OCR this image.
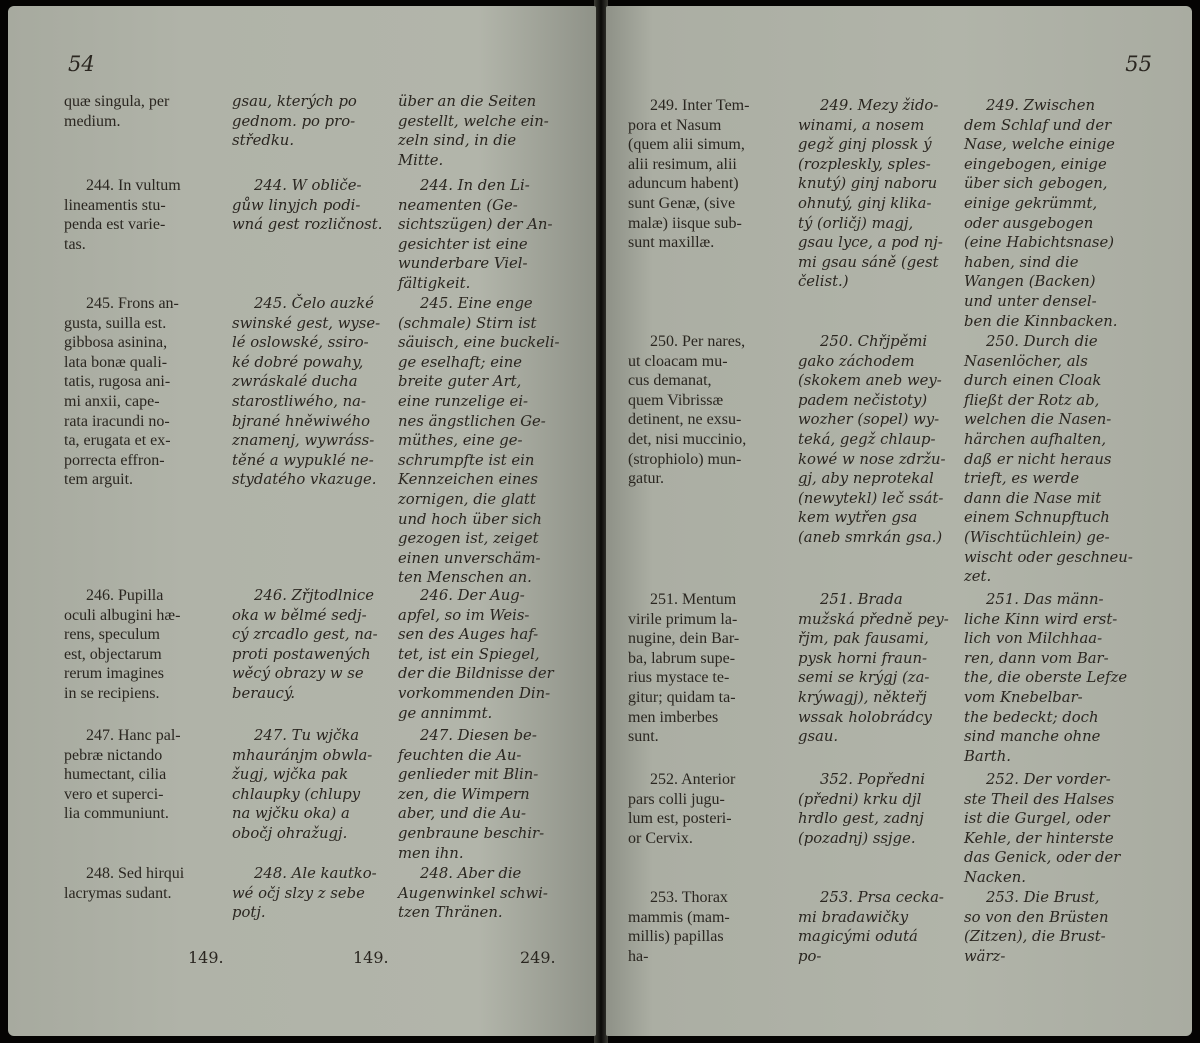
54

quæ singula, per
medium.

244. In vultum
lineamentis stu-
penda est varie-
tas.

245. Frons an-
gusta, suilla est.
gibbosa asinina,
lata bonæ quali-
tatis, rugosa ani-
mi anxii, cape-
rata iracundi no-
ta, erugata et ex-
porrecta effron-
tem arguit.

246. Pupilla
oculi albugini hæ-
rens, speculum
est, objectarum
rerum imagines
in se recipiens.

247. Hanc pal-
pebræ nictando
humectant, cilia
vero et superci-
lia communiunt.

248. Sed hirqui
lacrymas sudant.

gsau, kterých po
gednom. po pro-
středku.

244. W obliče-
gůw linyjch podi-
wná gest rozličnost.

245. Čelo auzké
swinské gest, wyse-
lé oslowské, ssiro-
ké dobré powahy,
zwráskalé ducha
starostliwého, na-
bjrané hněwiwého
znamenj, wywráss-
těné a wypuklé ne-
stydatého vkazuge.

246. Zřjtodlnice
oka w bělmé sedj-
cý zrcadlo gest, na-
proti postawených
wěcý obrazy w se
beraucý.

247. Tu wjčka
mhauránjm obwla-
žugj, wjčka pak
chlaupky (chlupy
na wjčku oka) a
obočj ohražugj.

248. Ale kautko-
wé očj slzy z sebe
potj.

über an die Seiten
gestellt, welche ein-
zeln sind, in die
Mitte.

244. In den Li-
neamenten (Ge-
sichtszügen) der An-
gesichter ist eine
wunderbare Viel-
fältigkeit.

245. Eine enge
(schmale) Stirn ist
säuisch, eine buckeli-
ge eselhaft; eine
breite guter Art,
eine runzelige ei-
nes ängstlichen Ge-
müthes, eine ge-
schrumpfte ist ein
Kennzeichen eines
zornigen, die glatt
und hoch über sich
gezogen ist, zeiget
einen unverschäm-
ten Menschen an.

246. Der Aug-
apfel, so im Weis-
sen des Auges haf-
tet, ist ein Spiegel,
der die Bildnisse der
vorkommenden Din-
ge annimmt.

247. Diesen be-
feuchten die Au-
genlieder mit Blin-
zen, die Wimpern
aber, und die Au-
genbraune beschir-
men ihn.

248. Aber die
Augenwinkel schwi-
tzen Thränen.

149.	149.	249.
55

249. Inter Tem-
pora et Nasum
(quem alii simum,
alii resimum, alii
aduncum habent)
sunt Genæ, (sive
malæ) iisque sub-
sunt maxillæ.

250. Per nares,
ut cloacam mu-
cus demanat,
quem Vibrissæ
detinent, ne exsu-
det, nisi muccinio,
(strophiolo) mun-
gatur.

251. Mentum
virile primum la-
nugine, dein Bar-
ba, labrum supe-
rius mystace te-
gitur; quidam ta-
men imberbes
sunt.

252. Anterior
pars colli jugu-
lum est, posteri-
or Cervix.

253. Thorax
mammis (mam-
millis) papillas
ha-

249. Mezy žido-
winami, a nosem
gegž ginj plossk ý
(rozpleskly, sples-
knutý) ginj naboru
ohnutý, ginj klika-
tý (orličj) magj,
gsau lyce, a pod nj-
mi gsau sáně (gest
čelist.)

250. Chřjpěmi
gako záchodem
(skokem aneb wey-
padem nečistoty)
wozher (sopel) wy-
teká, gegž chlaup-
kowé w nose zdržu-
gj, aby neprotekal
(newytekl) leč ssát-
kem wytřen gsa
(aneb smrkán gsa.)

251. Brada
mužská předně pey-
řjm, pak fausami,
pysk horni fraun-
semi se krýgj (za-
krýwagj), někteřj
wssak holobrádcy
gsau.

352. Popředni
(předni) krku djl
hrdlo gest, zadnj
(pozadnj) ssjge.

253. Prsa cecka-
mi bradawičky
magicými odutá
po-

249. Zwischen
dem Schlaf und der
Nase, welche einige
eingebogen, einige
über sich gebogen,
einige gekrümmt,
oder ausgebogen
(eine Habichtsnase)
haben, sind die
Wangen (Backen)
und unter densel-
ben die Kinnbacken.

250. Durch die
Nasenlöcher, als
durch einen Cloak
fließt der Rotz ab,
welchen die Nasen-
härchen aufhalten,
daß er nicht heraus
trieft, es werde
dann die Nase mit
einem Schnupftuch
(Wischtüchlein) ge-
wischt oder geschneu-
zet.

251. Das männ-
liche Kinn wird erst-
lich von Milchhaa-
ren, dann vom Bar-
the, die oberste Lefze
vom Knebelbar-
the bedeckt; doch
sind manche ohne
Barth.

252. Der vorder-
ste Theil des Halses
ist die Gurgel, oder
Kehle, der hinterste
das Genick, oder der
Nacken.

253. Die Brust,
so von den Brüsten
(Zitzen), die Brust-
wärz-
